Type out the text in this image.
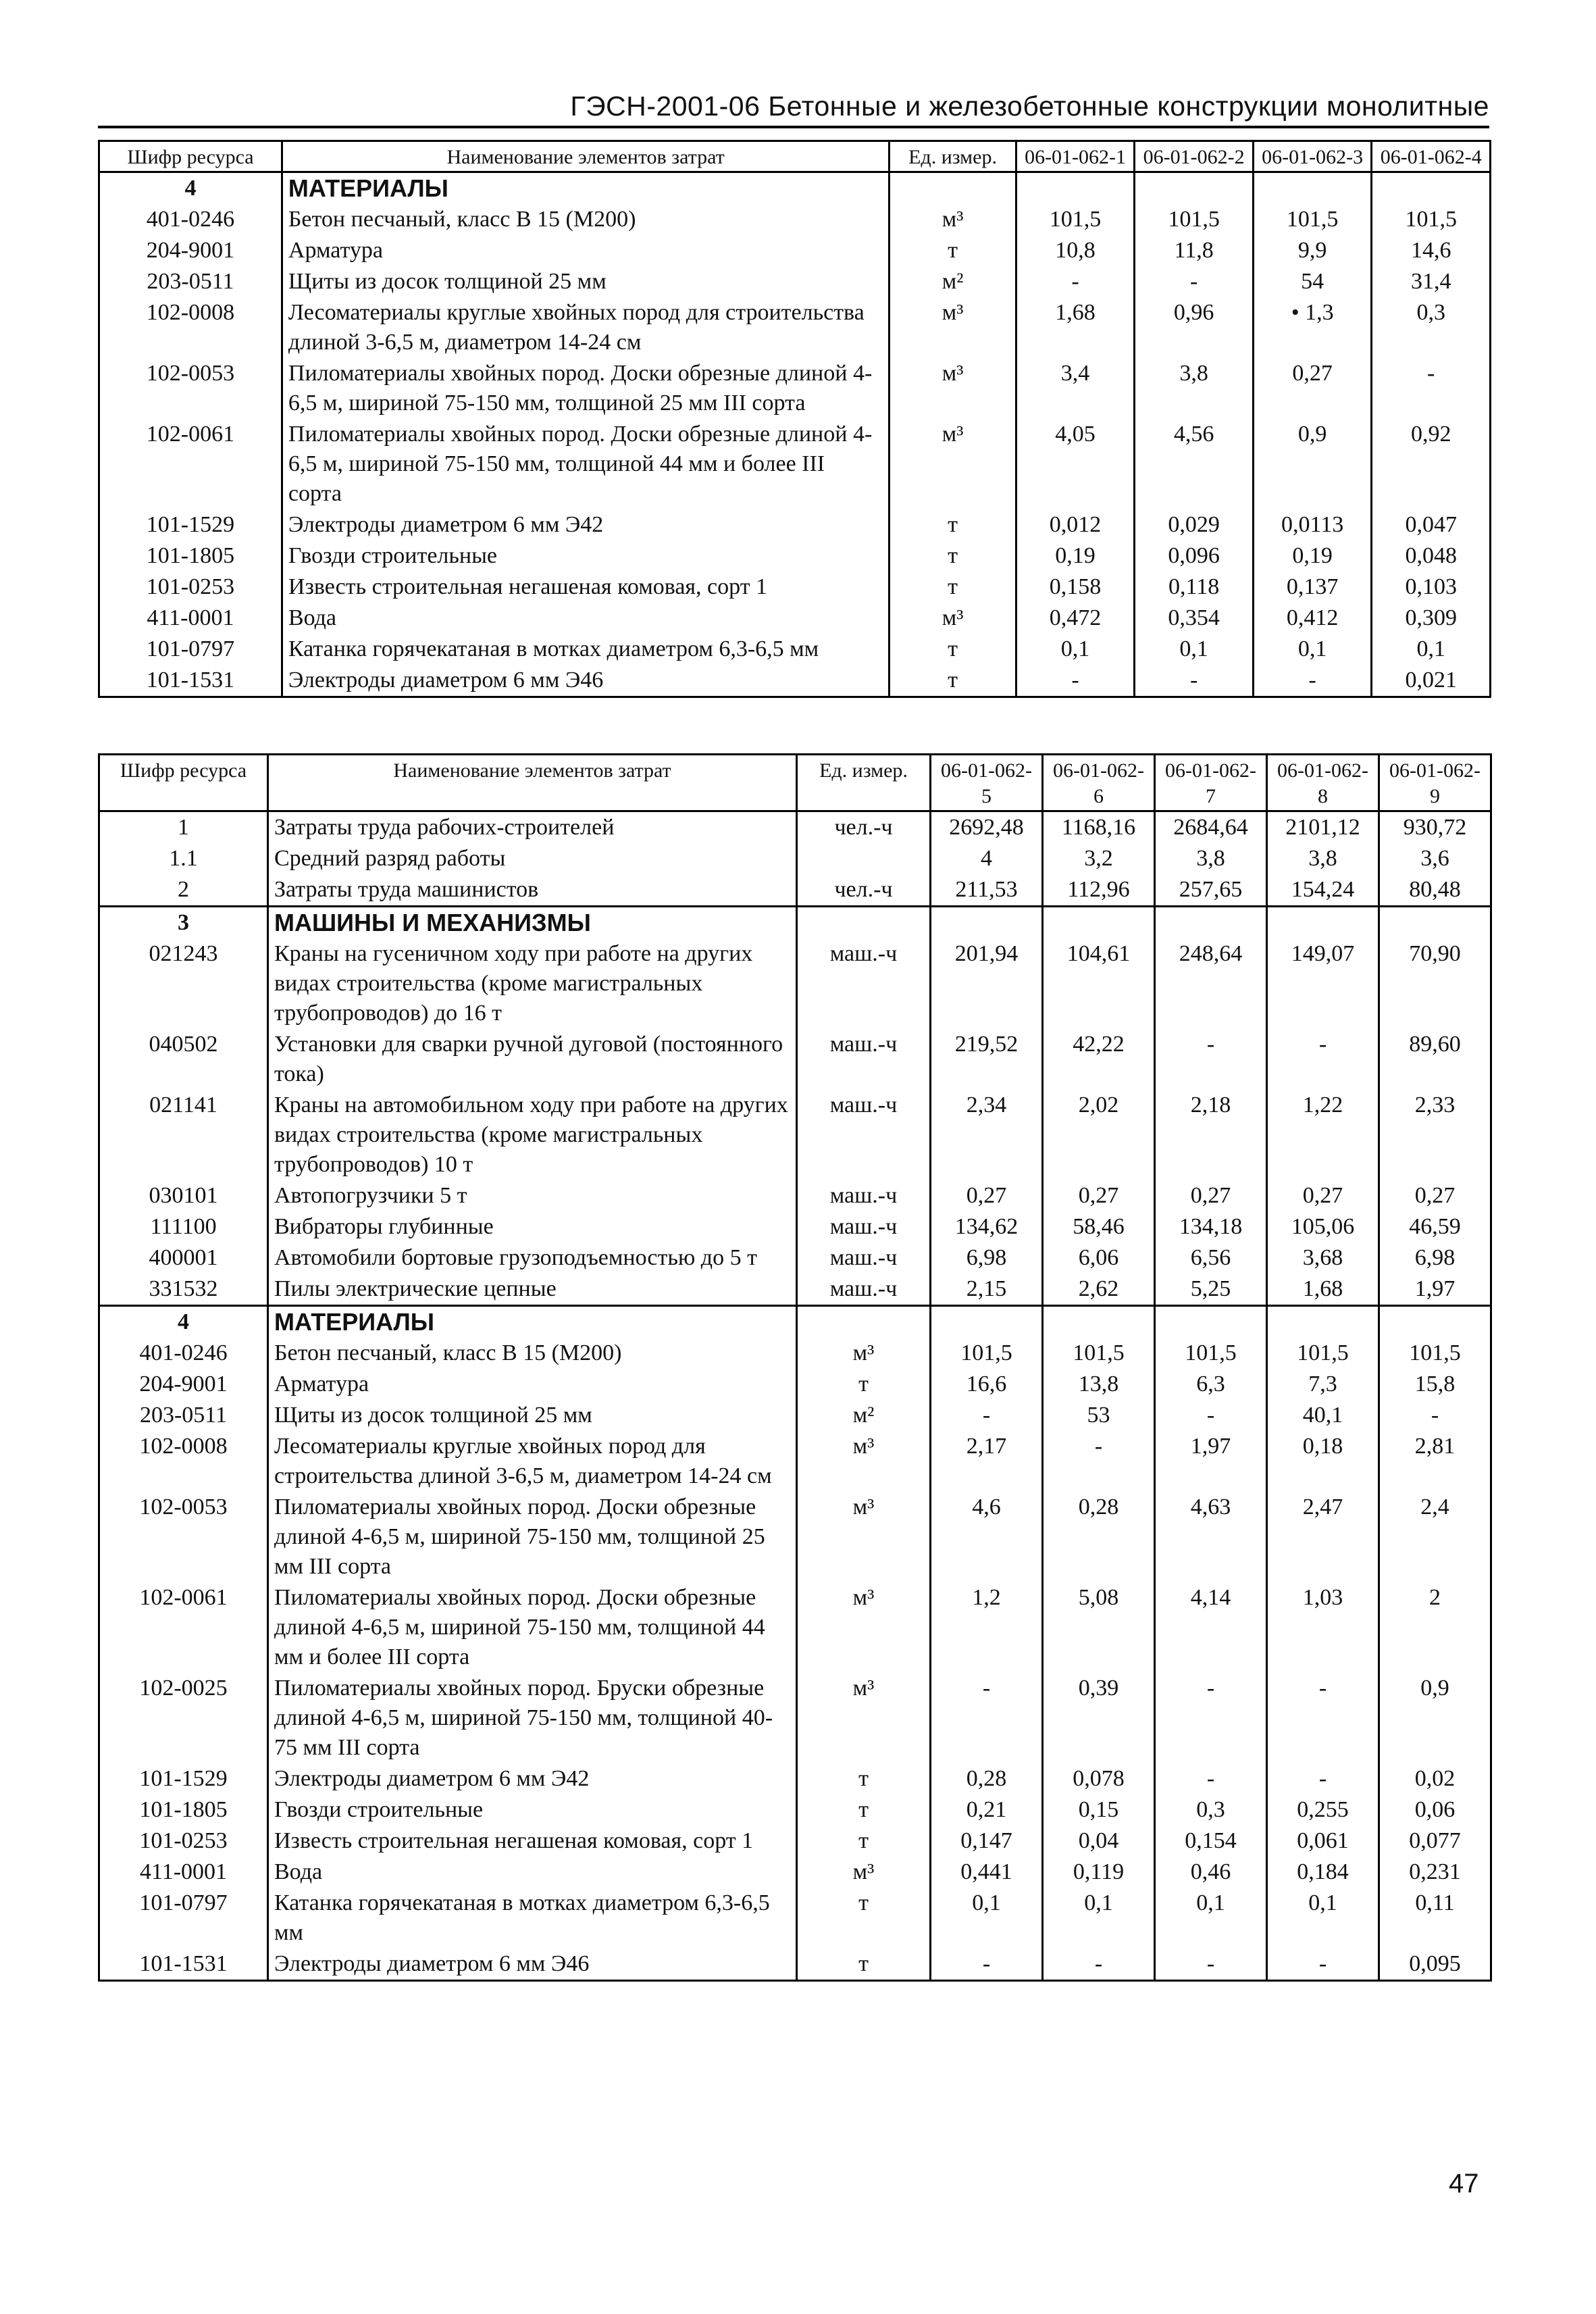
ГЭСН-2001-06 Бетонные и железобетонные конструкции монолитные
Шифр ресурса	Наименование элементов затрат	Ед. измер.	06-01-062-1	06-01-062-2	06-01-062-3	06-01-062-4
4	МАТЕРИАЛЫ					
401-0246	Бетон песчаный, класс В 15 (М200)	м³	101,5	101,5	101,5	101,5
204-9001	Арматура	т	10,8	11,8	9,9	14,6
203-0511	Щиты из досок толщиной 25 мм	м²	-	-	54	31,4
102-0008	Лесоматериалы круглые хвойных пород для строительства длиной 3-6,5 м, диаметром 14-24 см	м³	1,68	0,96	• 1,3	0,3
102-0053	Пиломатериалы хвойных пород. Доски обрезные длиной 4-6,5 м, шириной 75-150 мм, толщиной 25 мм III сорта	м³	3,4	3,8	0,27	-
102-0061	Пиломатериалы хвойных пород. Доски обрезные длиной 4-6,5 м, шириной 75-150 мм, толщиной 44 мм и более III сорта	м³	4,05	4,56	0,9	0,92
101-1529	Электроды диаметром 6 мм Э42	т	0,012	0,029	0,0113	0,047
101-1805	Гвозди строительные	т	0,19	0,096	0,19	0,048
101-0253	Известь строительная негашеная комовая, сорт 1	т	0,158	0,118	0,137	0,103
411-0001	Вода	м³	0,472	0,354	0,412	0,309
101-0797	Катанка горячекатаная в мотках диаметром 6,3-6,5 мм	т	0,1	0,1	0,1	0,1
101-1531	Электроды диаметром 6 мм Э46	т	-	-	-	0,021
Шифр ресурса	Наименование элементов затрат	Ед. измер.	06-01-062-5	06-01-062-6	06-01-062-7	06-01-062-8	06-01-062-9
1	Затраты труда рабочих-строителей	чел.-ч	2692,48	1168,16	2684,64	2101,12	930,72
1.1	Средний разряд работы		4	3,2	3,8	3,8	3,6
2	Затраты труда машинистов	чел.-ч	211,53	112,96	257,65	154,24	80,48
3	МАШИНЫ И МЕХАНИЗМЫ						
021243	Краны на гусеничном ходу при работе на других видах строительства (кроме магистральных трубопроводов) до 16 т	маш.-ч	201,94	104,61	248,64	149,07	70,90
040502	Установки для сварки ручной дуговой (постоянного тока)	маш.-ч	219,52	42,22	-	-	89,60
021141	Краны на автомобильном ходу при работе на других видах строительства (кроме магистральных трубопроводов) 10 т	маш.-ч	2,34	2,02	2,18	1,22	2,33
030101	Автопогрузчики 5 т	маш.-ч	0,27	0,27	0,27	0,27	0,27
111100	Вибраторы глубинные	маш.-ч	134,62	58,46	134,18	105,06	46,59
400001	Автомобили бортовые грузоподъемностью до 5 т	маш.-ч	6,98	6,06	6,56	3,68	6,98
331532	Пилы электрические цепные	маш.-ч	2,15	2,62	5,25	1,68	1,97
4	МАТЕРИАЛЫ						
401-0246	Бетон песчаный, класс В 15 (М200)	м³	101,5	101,5	101,5	101,5	101,5
204-9001	Арматура	т	16,6	13,8	6,3	7,3	15,8
203-0511	Щиты из досок толщиной 25 мм	м²	-	53	-	40,1	-
102-0008	Лесоматериалы круглые хвойных пород для строительства длиной 3-6,5 м, диаметром 14-24 см	м³	2,17	-	1,97	0,18	2,81
102-0053	Пиломатериалы хвойных пород. Доски обрезные длиной 4-6,5 м, шириной 75-150 мм, толщиной 25 мм III сорта	м³	4,6	0,28	4,63	2,47	2,4
102-0061	Пиломатериалы хвойных пород. Доски обрезные длиной 4-6,5 м, шириной 75-150 мм, толщиной 44 мм и более III сорта	м³	1,2	5,08	4,14	1,03	2
102-0025	Пиломатериалы хвойных пород. Бруски обрезные длиной 4-6,5 м, шириной 75-150 мм, толщиной 40-75 мм III сорта	м³	-	0,39	-	-	0,9
101-1529	Электроды диаметром 6 мм Э42	т	0,28	0,078	-	-	0,02
101-1805	Гвозди строительные	т	0,21	0,15	0,3	0,255	0,06
101-0253	Известь строительная негашеная комовая, сорт 1	т	0,147	0,04	0,154	0,061	0,077
411-0001	Вода	м³	0,441	0,119	0,46	0,184	0,231
101-0797	Катанка горячекатаная в мотках диаметром 6,3-6,5 мм	т	0,1	0,1	0,1	0,1	0,11
101-1531	Электроды диаметром 6 мм Э46	т	-	-	-	-	0,095
47
